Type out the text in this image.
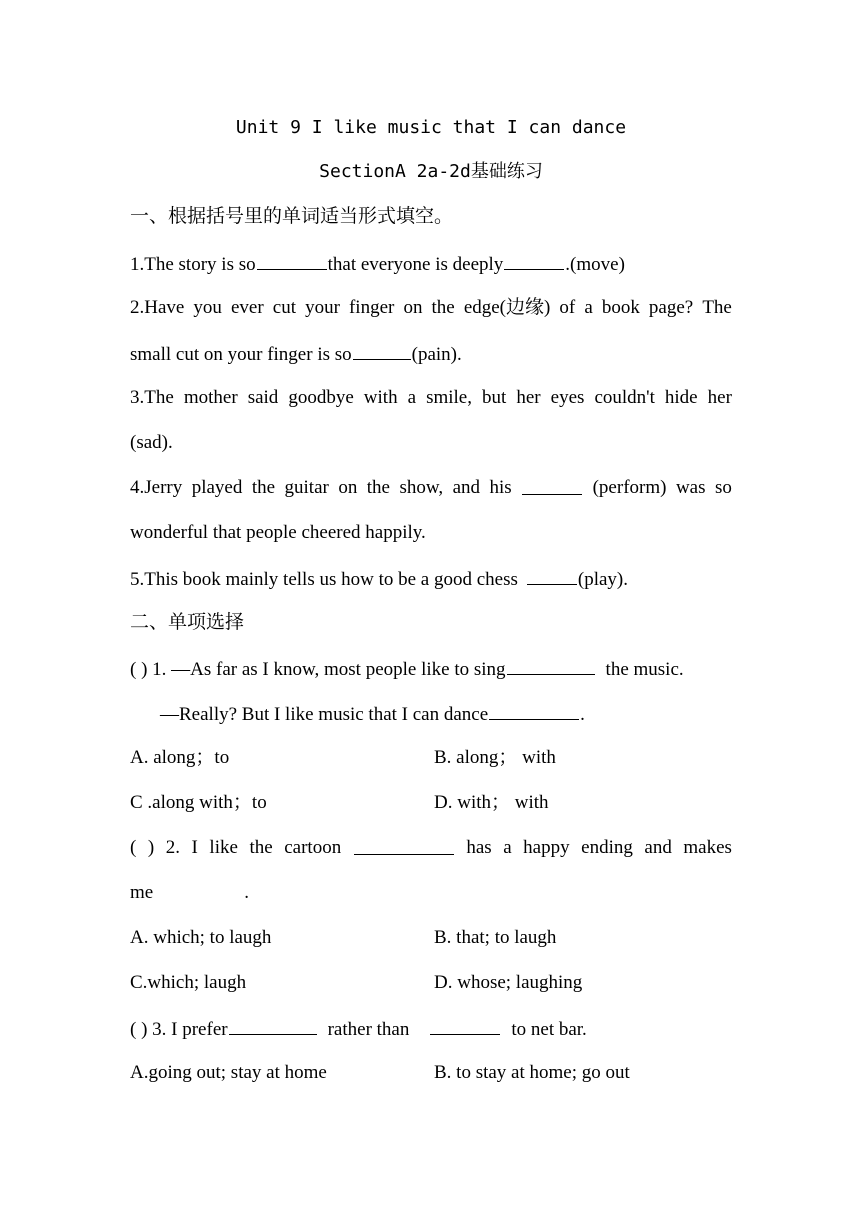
Unit 9 I like music that I can dance
SectionA 2a-2d基础练习
一、根据括号里的单词适当形式填空。
1.The story is so	that everyone is deeply	.(move)
2.Have you ever cut your finger on the edge(边缘) of a book page? The
small cut on your finger is so	(pain).
3.The mother said goodbye with a smile, but her eyes couldn't hide her
(sad).
4.Jerry played the guitar on the show, and his	(perform) was so
wonderful that people cheered happily.
5.This book mainly tells us how to be a good chess	(play).
二、单项选择
( ) 1. —As far as I know, most people like to sing	the music.
—Really? But I like music that I can dance	.
A. along；to	B. along； with
C .along with；to	D. with； with
( ) 2. I like the cartoon	has a happy ending and makes
me	.
A. which; to laugh	B. that; to laugh
C.which; laugh	D. whose; laughing
( ) 3. I prefer	rather than	to net bar.
A.going out; stay at home	B. to stay at home; go out
